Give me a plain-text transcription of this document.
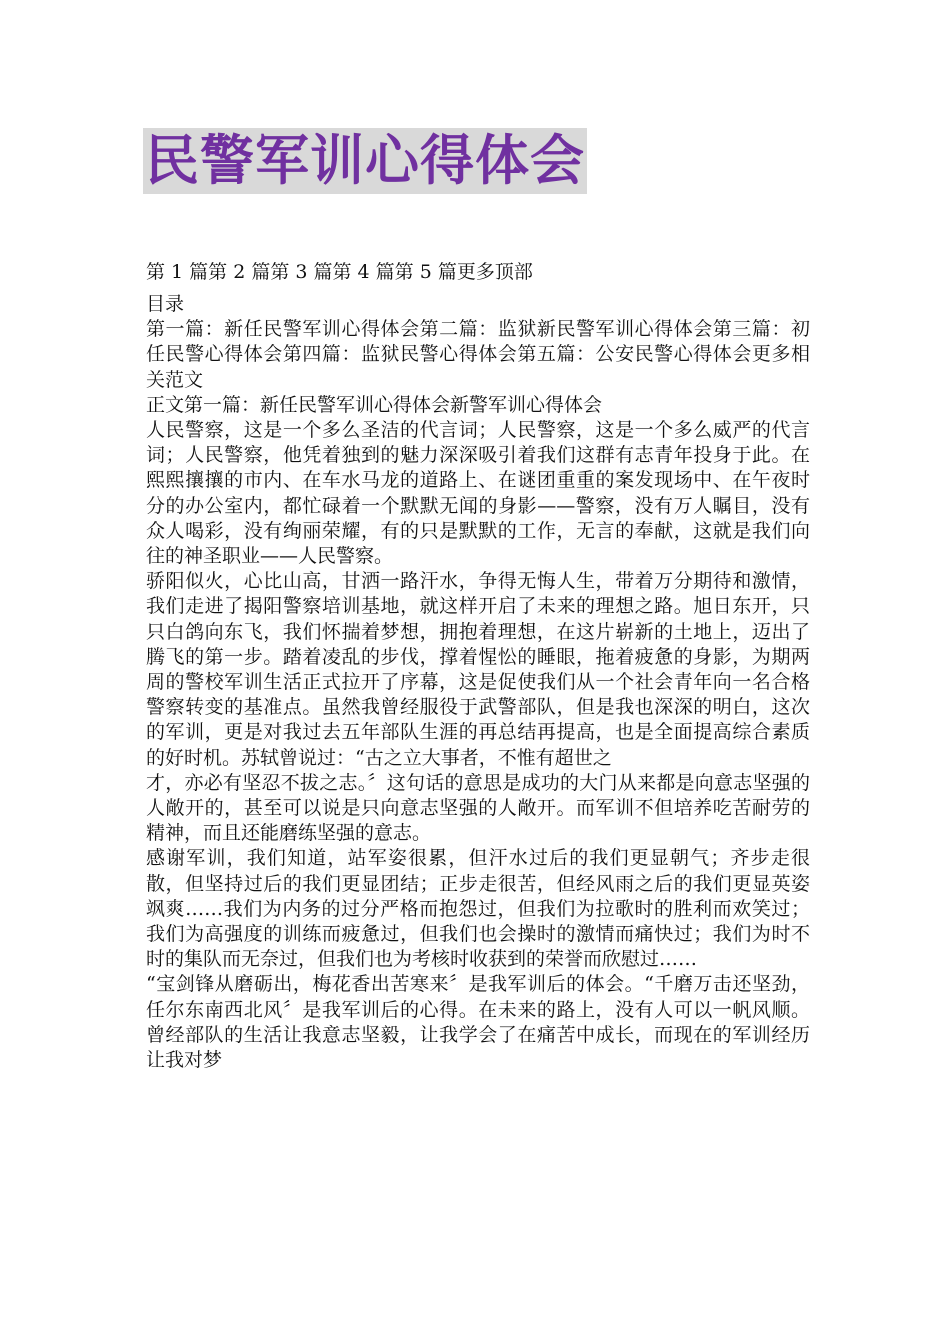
民警军训心得体会
第 1 篇第 2 篇第 3 篇第 4 篇第 5 篇更多顶部

目录

第一篇：新任民警军训心得体会第二篇：监狱新民警军训心得体会第三篇：初任民警心得体会第四篇：监狱民警心得体会第五篇：公安民警心得体会更多相关范文

正文第一篇：新任民警军训心得体会新警军训心得体会

人民警察，这是一个多么圣洁的代言词；人民警察，这是一个多么威严的代言词；人民警察，他凭着独到的魅力深深吸引着我们这群有志青年投身于此。在熙熙攘攘的市内、在车水马龙的道路上、在谜团重重的案发现场中、在午夜时分的办公室内，都忙碌着一个默默无闻的身影——警察，没有万人瞩目，没有众人喝彩，没有绚丽荣耀，有的只是默默的工作，无言的奉献，这就是我们向往的神圣职业——人民警察。

骄阳似火，心比山高，甘洒一路汗水，争得无悔人生，带着万分期待和激情，我们走进了揭阳警察培训基地，就这样开启了未来的理想之路。旭日东开，只只白鸽向东飞，我们怀揣着梦想，拥抱着理想，在这片崭新的土地上，迈出了腾飞的第一步。踏着凌乱的步伐，撑着惺忪的睡眼，拖着疲惫的身影，为期两周的警校军训生活正式拉开了序幕，这是促使我们从一个社会青年向一名合格警察转变的基准点。虽然我曾经服役于武警部队，但是我也深深的明白，这次的军训，更是对我过去五年部队生涯的再总结再提高，也是全面提高综合素质的好时机。苏轼曾说过：“古之立大事者，不惟有超世之

才，亦必有坚忍不拔之志。〞这句话的意思是成功的大门从来都是向意志坚强的人敞开的，甚至可以说是只向意志坚强的人敞开。而军训不但培养吃苦耐劳的精神，而且还能磨练坚强的意志。

感谢军训，我们知道，站军姿很累，但汗水过后的我们更显朝气；齐步走很散，但坚持过后的我们更显团结；正步走很苦，但经风雨之后的我们更显英姿飒爽……我们为内务的过分严格而抱怨过，但我们为拉歌时的胜利而欢笑过；我们为高强度的训练而疲惫过，但我们也会操时的激情而痛快过；我们为时不时的集队而无奈过，但我们也为考核时收获到的荣誉而欣慰过……

“宝剑锋从磨砺出，梅花香出苦寒来〞是我军训后的体会。“千磨万击还坚劲，任尔东南西北风〞是我军训后的心得。在未来的路上，没有人可以一帆风顺。曾经部队的生活让我意志坚毅，让我学会了在痛苦中成长，而现在的军训经历让我对梦
